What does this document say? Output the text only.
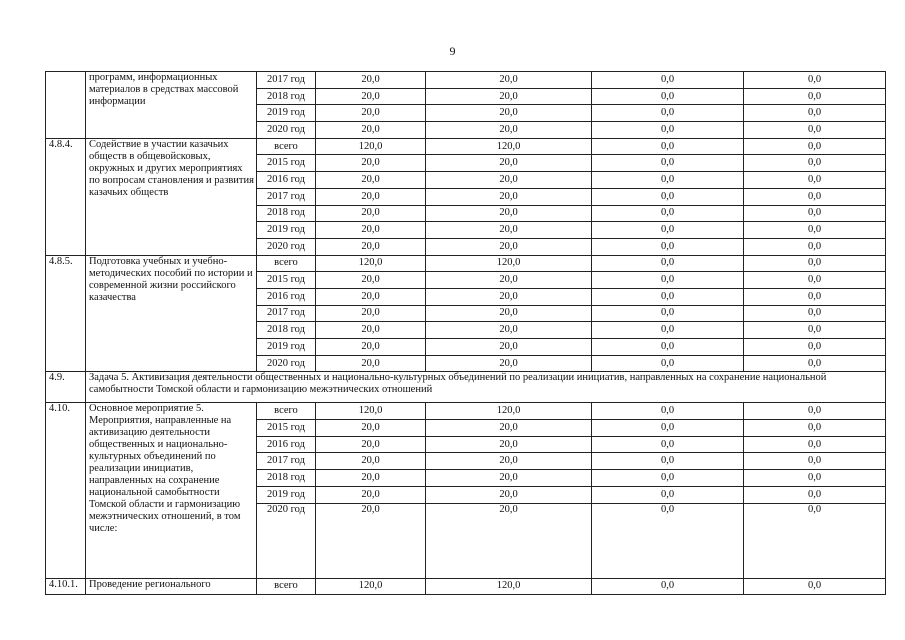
9
	программ, информационных материалов в средствах массовой информации	2017 год	20,0	20,0	0,0	0,0
		2018 год	20,0	20,0	0,0	0,0
		2019 год	20,0	20,0	0,0	0,0
		2020 год	20,0	20,0	0,0	0,0
4.8.4.	Содействие в участии казачьих обществ в общевойсковых, окружных и других мероприятиях по вопросам становления и развития казачьих обществ	всего	120,0	120,0	0,0	0,0
		2015 год	20,0	20,0	0,0	0,0
		2016 год	20,0	20,0	0,0	0,0
		2017 год	20,0	20,0	0,0	0,0
		2018 год	20,0	20,0	0,0	0,0
		2019 год	20,0	20,0	0,0	0,0
		2020 год	20,0	20,0	0,0	0,0
4.8.5.	Подготовка учебных и учебно-методических пособий по истории и современной жизни российского казачества	всего	120,0	120,0	0,0	0,0
		2015 год	20,0	20,0	0,0	0,0
		2016 год	20,0	20,0	0,0	0,0
		2017 год	20,0	20,0	0,0	0,0
		2018 год	20,0	20,0	0,0	0,0
		2019 год	20,0	20,0	0,0	0,0
		2020 год	20,0	20,0	0,0	0,0
4.9.	Задача 5. Активизация деятельности общественных и национально-культурных объединений по реализации инициатив, направленных на сохранение национальной самобытности Томской области и гармонизацию межэтнических отношений					
4.10.	Основное мероприятие 5. Мероприятия, направленные на активизацию деятельности общественных и национально-культурных объединений по реализации инициатив, направленных на сохранение национальной самобытности Томской области и гармонизацию межэтнических отношений, в том числе:	всего	120,0	120,0	0,0	0,0
		2015 год	20,0	20,0	0,0	0,0
		2016 год	20,0	20,0	0,0	0,0
		2017 год	20,0	20,0	0,0	0,0
		2018 год	20,0	20,0	0,0	0,0
		2019 год	20,0	20,0	0,0	0,0
		2020 год	20,0	20,0	0,0	0,0
4.10.1.	Проведение регионального	всего	120,0	120,0	0,0	0,0
